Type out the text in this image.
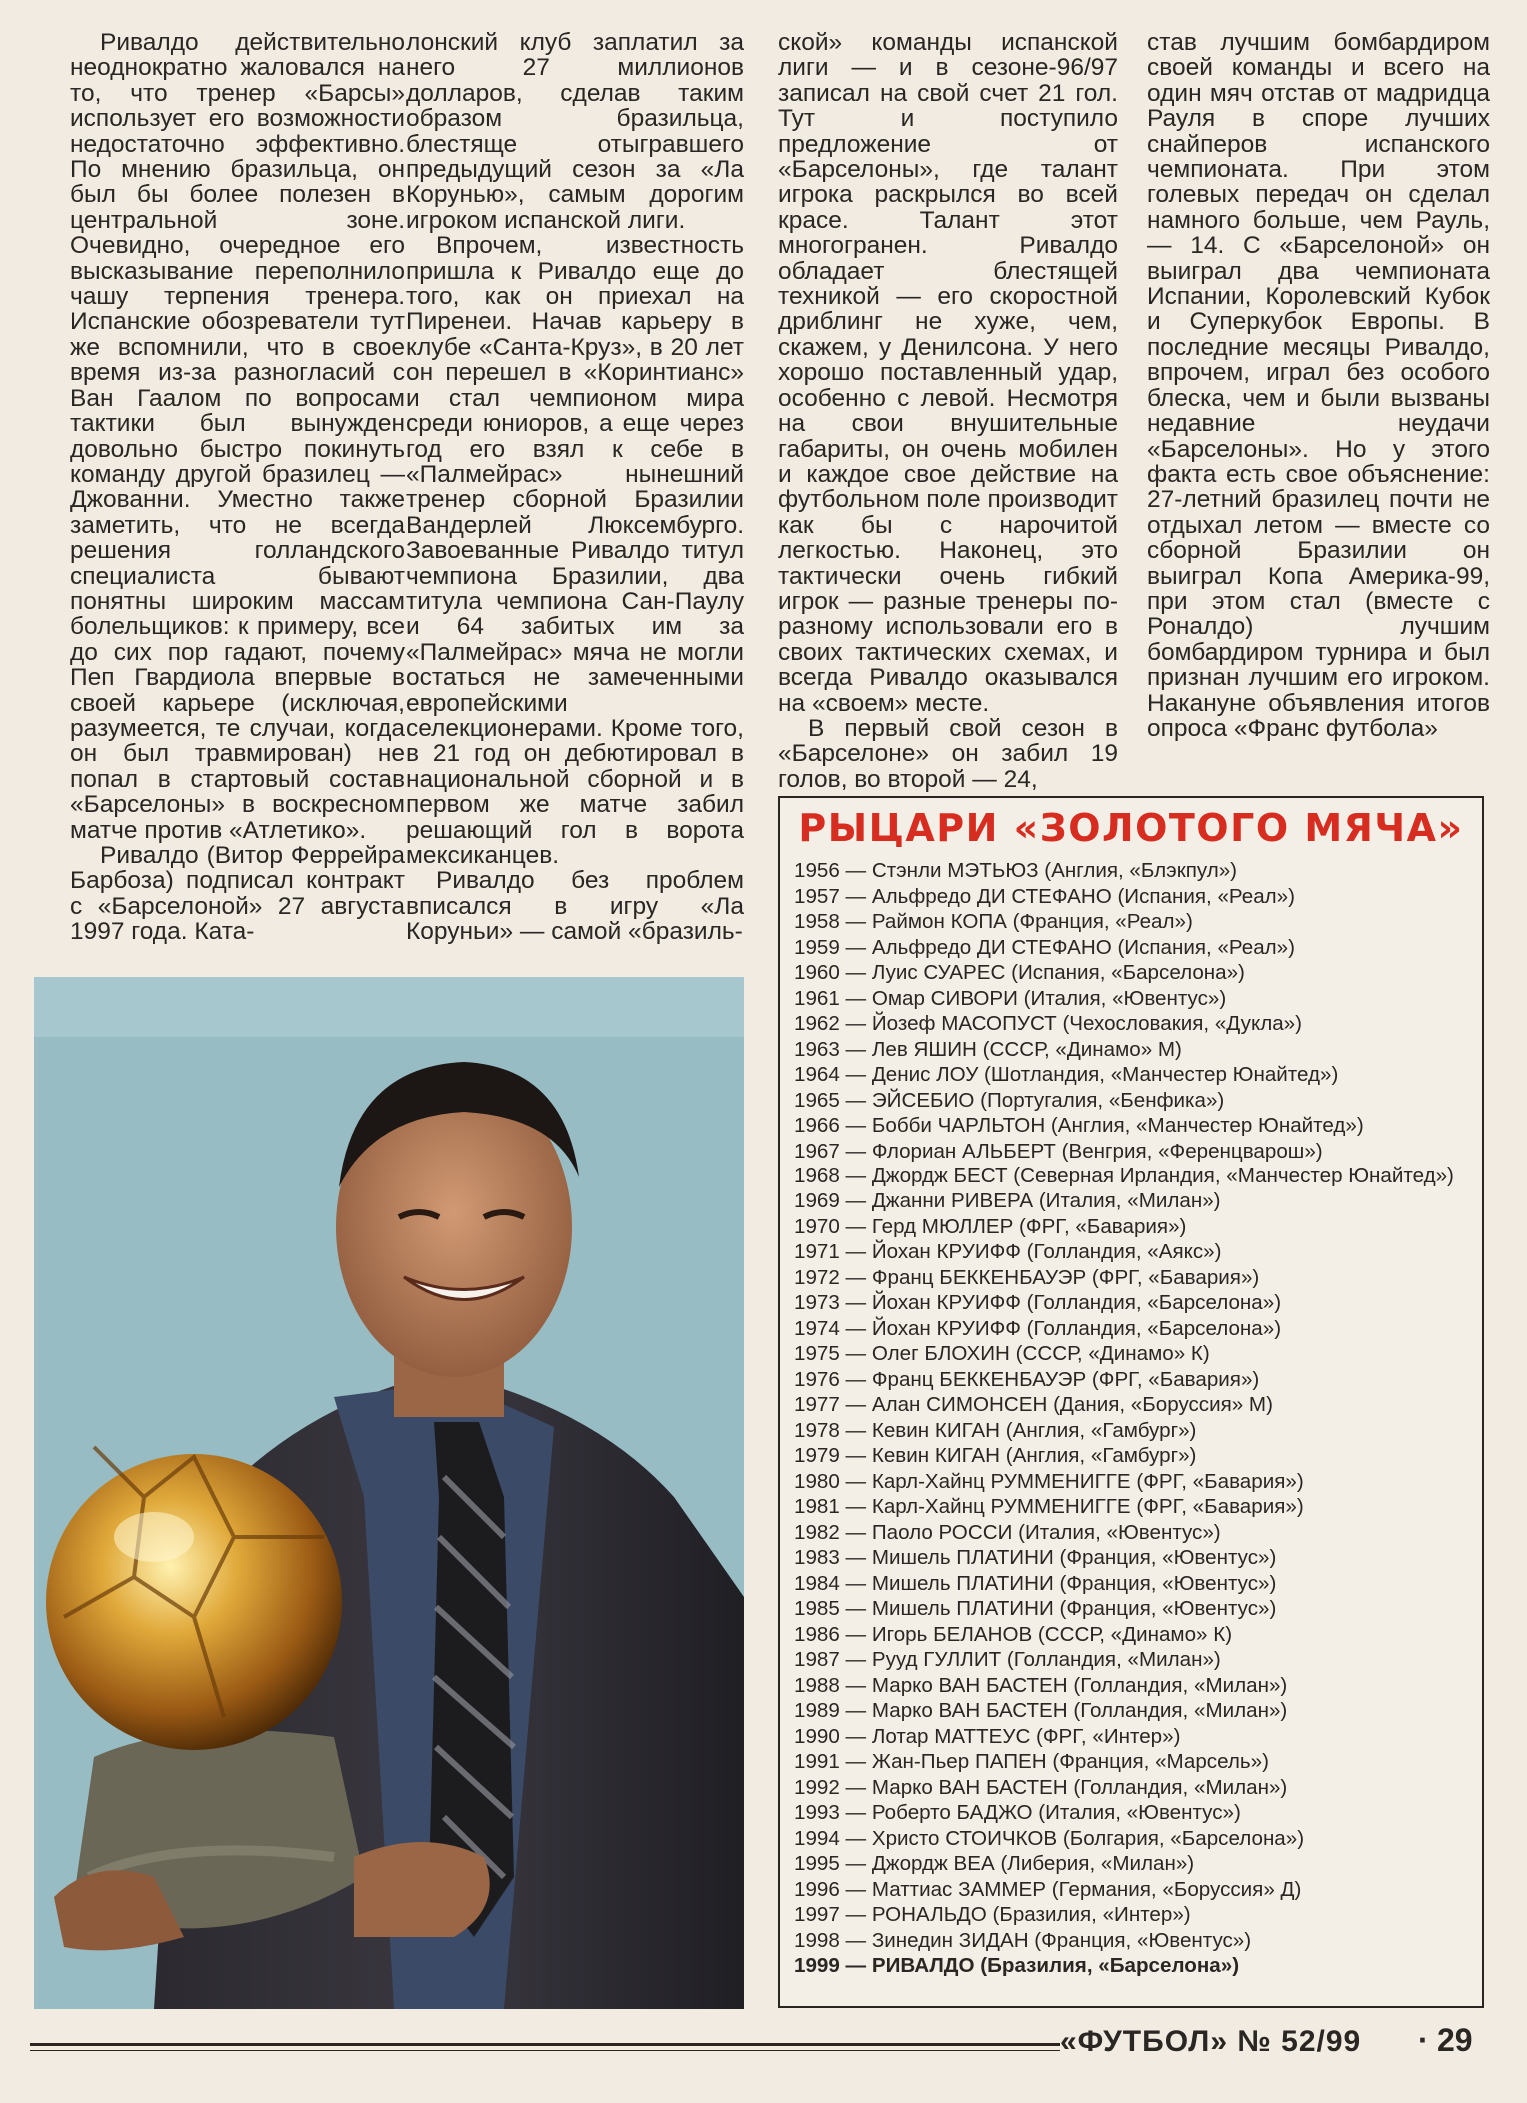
Ривалдо действительно неоднократно жаловался на то, что тренер «Барсы» использует его возможности недостаточно эффективно. По мнению бразильца, он был бы более полезен в центральной зоне. Очевидно, очередное его высказывание переполнило чашу терпения тренера. Испанские обозреватели тут же вспомнили, что в свое время из-за разногласий с Ван Гаалом по вопросам тактики был вынужден довольно быстро покинуть команду другой бразилец — Джованни. Уместно также заметить, что не всегда решения голландского специалиста бывают понятны широким массам болельщиков: к примеру, все до сих пор гадают, почему Пеп Гвардиола впервые в своей карьере (исключая, разумеется, те случаи, когда он был травмирован) не попал в стартовый состав «Барселоны» в воскресном матче против «Атлетико».

Ривалдо (Витор Феррейра Барбоза) подписал контракт с «Барселоной» 27 августа 1997 года. Ката-

лонский клуб заплатил за него 27 миллионов долларов, сделав таким образом бразильца, блестяще отыгравшего предыдущий сезон за «Ла Корунью», самым дорогим игроком испанской лиги.

Впрочем, известность пришла к Ривалдо еще до того, как он приехал на Пиренеи. Начав карьеру в клубе «Санта-Круз», в 20 лет он перешел в «Коринтианс» и стал чемпионом мира среди юниоров, а еще через год его взял к себе в «Палмейрас» нынешний тренер сборной Бразилии Вандерлей Люксембурго. Завоеванные Ривалдо титул чемпиона Бразилии, два титула чемпиона Сан-Паулу и 64 забитых им за «Палмейрас» мяча не могли остаться не замеченными европейскими селекционерами. Кроме того, в 21 год он дебютировал в национальной сборной и в первом же матче забил решающий гол в ворота мексиканцев.

Ривалдо без проблем вписался в игру «Ла Коруньи» — самой «бразиль-

ской» команды испанской лиги — и в сезоне-96/97 записал на свой счет 21 гол. Тут и поступило предложение от «Барселоны», где талант игрока раскрылся во всей красе. Талант этот многогранен. Ривалдо обладает блестящей техникой — его скоростной дриблинг не хуже, чем, скажем, у Денилсона. У него хорошо поставленный удар, особенно с левой. Несмотря на свои внушительные габариты, он очень мобилен и каждое свое действие на футбольном поле производит как бы с нарочитой легкостью. Наконец, это тактически очень гибкий игрок — разные тренеры по-разному использовали его в своих тактических схемах, и всегда Ривалдо оказывался на «своем» месте.

В первый свой сезон в «Барселоне» он забил 19 голов, во второй — 24,

став лучшим бомбардиром своей команды и всего на один мяч отстав от мадридца Рауля в споре лучших снайперов испанского чемпионата. При этом голевых передач он сделал намного больше, чем Рауль, — 14. С «Барселоной» он выиграл два чемпионата Испании, Королевский Кубок и Суперкубок Европы. В последние месяцы Ривалдо, впрочем, играл без особого блеска, чем и были вызваны недавние неудачи «Барселоны». Но у этого факта есть свое объяснение: 27-летний бразилец почти не отдыхал летом — вместе со сборной Бразилии он выиграл Копа Америка-99, при этом стал (вместе с Роналдо) лучшим бомбардиром турнира и был признан лучшим его игроком. Накануне объявления итогов опроса «Франс футбола»

РЫЦАРИ «ЗОЛОТОГО МЯЧА»
1956 — Стэнли МЭТЬЮЗ (Англия, «Блэкпул»)
1957 — Альфредо ДИ СТЕФАНО (Испания, «Реал»)
1958 — Раймон КОПА (Франция, «Реал»)
1959 — Альфредо ДИ СТЕФАНО (Испания, «Реал»)
1960 — Луис СУАРЕС (Испания, «Барселона»)
1961 — Омар СИВОРИ (Италия, «Ювентус»)
1962 — Йозеф МАСОПУСТ (Чехословакия, «Дукла»)
1963 — Лев ЯШИН (СССР, «Динамо» М)
1964 — Денис ЛОУ (Шотландия, «Манчестер Юнайтед»)
1965 — ЭЙСЕБИО (Португалия, «Бенфика»)
1966 — Бобби ЧАРЛЬТОН (Англия, «Манчестер Юнайтед»)
1967 — Флориан АЛЬБЕРТ (Венгрия, «Ференцварош»)
1968 — Джордж БЕСТ (Северная Ирландия, «Манчестер Юнайтед»)
1969 — Джанни РИВЕРА (Италия, «Милан»)
1970 — Герд МЮЛЛЕР (ФРГ, «Бавария»)
1971 — Йохан КРУИФФ (Голландия, «Аякс»)
1972 — Франц БЕККЕНБАУЭР (ФРГ, «Бавария»)
1973 — Йохан КРУИФФ (Голландия, «Барселона»)
1974 — Йохан КРУИФФ (Голландия, «Барселона»)
1975 — Олег БЛОХИН (СССР, «Динамо» К)
1976 — Франц БЕККЕНБАУЭР (ФРГ, «Бавария»)
1977 — Алан СИМОНСЕН (Дания, «Боруссия» М)
1978 — Кевин КИГАН (Англия, «Гамбург»)
1979 — Кевин КИГАН (Англия, «Гамбург»)
1980 — Карл-Хайнц РУММЕНИГГЕ (ФРГ, «Бавария»)
1981 — Карл-Хайнц РУММЕНИГГЕ (ФРГ, «Бавария»)
1982 — Паоло РОССИ (Италия, «Ювентус»)
1983 — Мишель ПЛАТИНИ (Франция, «Ювентус»)
1984 — Мишель ПЛАТИНИ (Франция, «Ювентус»)
1985 — Мишель ПЛАТИНИ (Франция, «Ювентус»)
1986 — Игорь БЕЛАНОВ (СССР, «Динамо» К)
1987 — Рууд ГУЛЛИТ (Голландия, «Милан»)
1988 — Марко ВАН БАСТЕН (Голландия, «Милан»)
1989 — Марко ВАН БАСТЕН (Голландия, «Милан»)
1990 — Лотар МАТТЕУС (ФРГ, «Интер»)
1991 — Жан-Пьер ПАПЕН (Франция, «Марсель»)
1992 — Марко ВАН БАСТЕН (Голландия, «Милан»)
1993 — Роберто БАДЖО (Италия, «Ювентус»)
1994 — Христо СТОИЧКОВ (Болгария, «Барселона»)
1995 — Джордж ВЕА (Либерия, «Милан»)
1996 — Маттиас ЗАММЕР (Германия, «Боруссия» Д)
1997 — РОНАЛЬДО (Бразилия, «Интер»)
1998 — Зинедин ЗИДАН (Франция, «Ювентус»)
1999 — РИВАЛДО (Бразилия, «Барселона»)
«ФУТБОЛ» № 52/99 · 29
